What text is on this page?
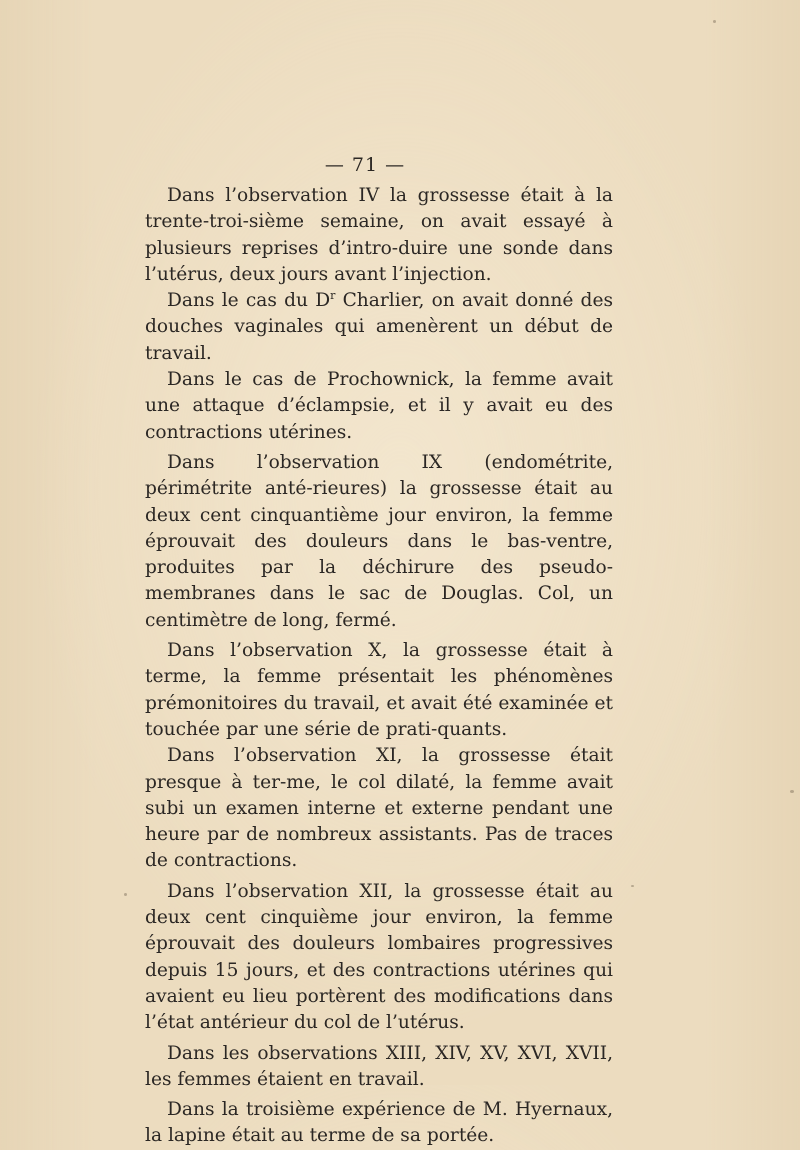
— 71 —

Dans l’observation IV la grossesse était à la trente-troi-sième semaine, on avait essayé à plusieurs reprises d’intro-duire une sonde dans l’utérus, deux jours avant l’injection.

Dans le cas du $D^r$ Charlier, on avait donné des douches vaginales qui amenèrent un début de travail.

Dans le cas de Prochownick, la femme avait une attaque d’éclampsie, et il y avait eu des contractions utérines.

Dans l’observation IX (endométrite, périmétrite anté-rieures) la grossesse était au deux cent cinquantième jour environ, la femme éprouvait des douleurs dans le bas-ventre, produites par la déchirure des pseudo-membranes dans le sac de Douglas. Col, un centimètre de long, fermé.

Dans l’observation X, la grossesse était à terme, la femme présentait les phénomènes prémonitoires du travail, et avait été examinée et touchée par une série de prati-quants.

Dans l’observation XI, la grossesse était presque à ter-me, le col dilaté, la femme avait subi un examen interne et externe pendant une heure par de nombreux assistants. Pas de traces de contractions.

Dans l’observation XII, la grossesse était au deux cent cinquième jour environ, la femme éprouvait des douleurs lombaires progressives depuis 15 jours, et des contractions utérines qui avaient eu lieu portèrent des modifications dans l’état antérieur du col de l’utérus.

Dans les observations XIII, XIV, XV, XVI, XVII, les femmes étaient en travail.

Dans la troisième expérience de M. Hyernaux, la lapine était au terme de sa portée.
